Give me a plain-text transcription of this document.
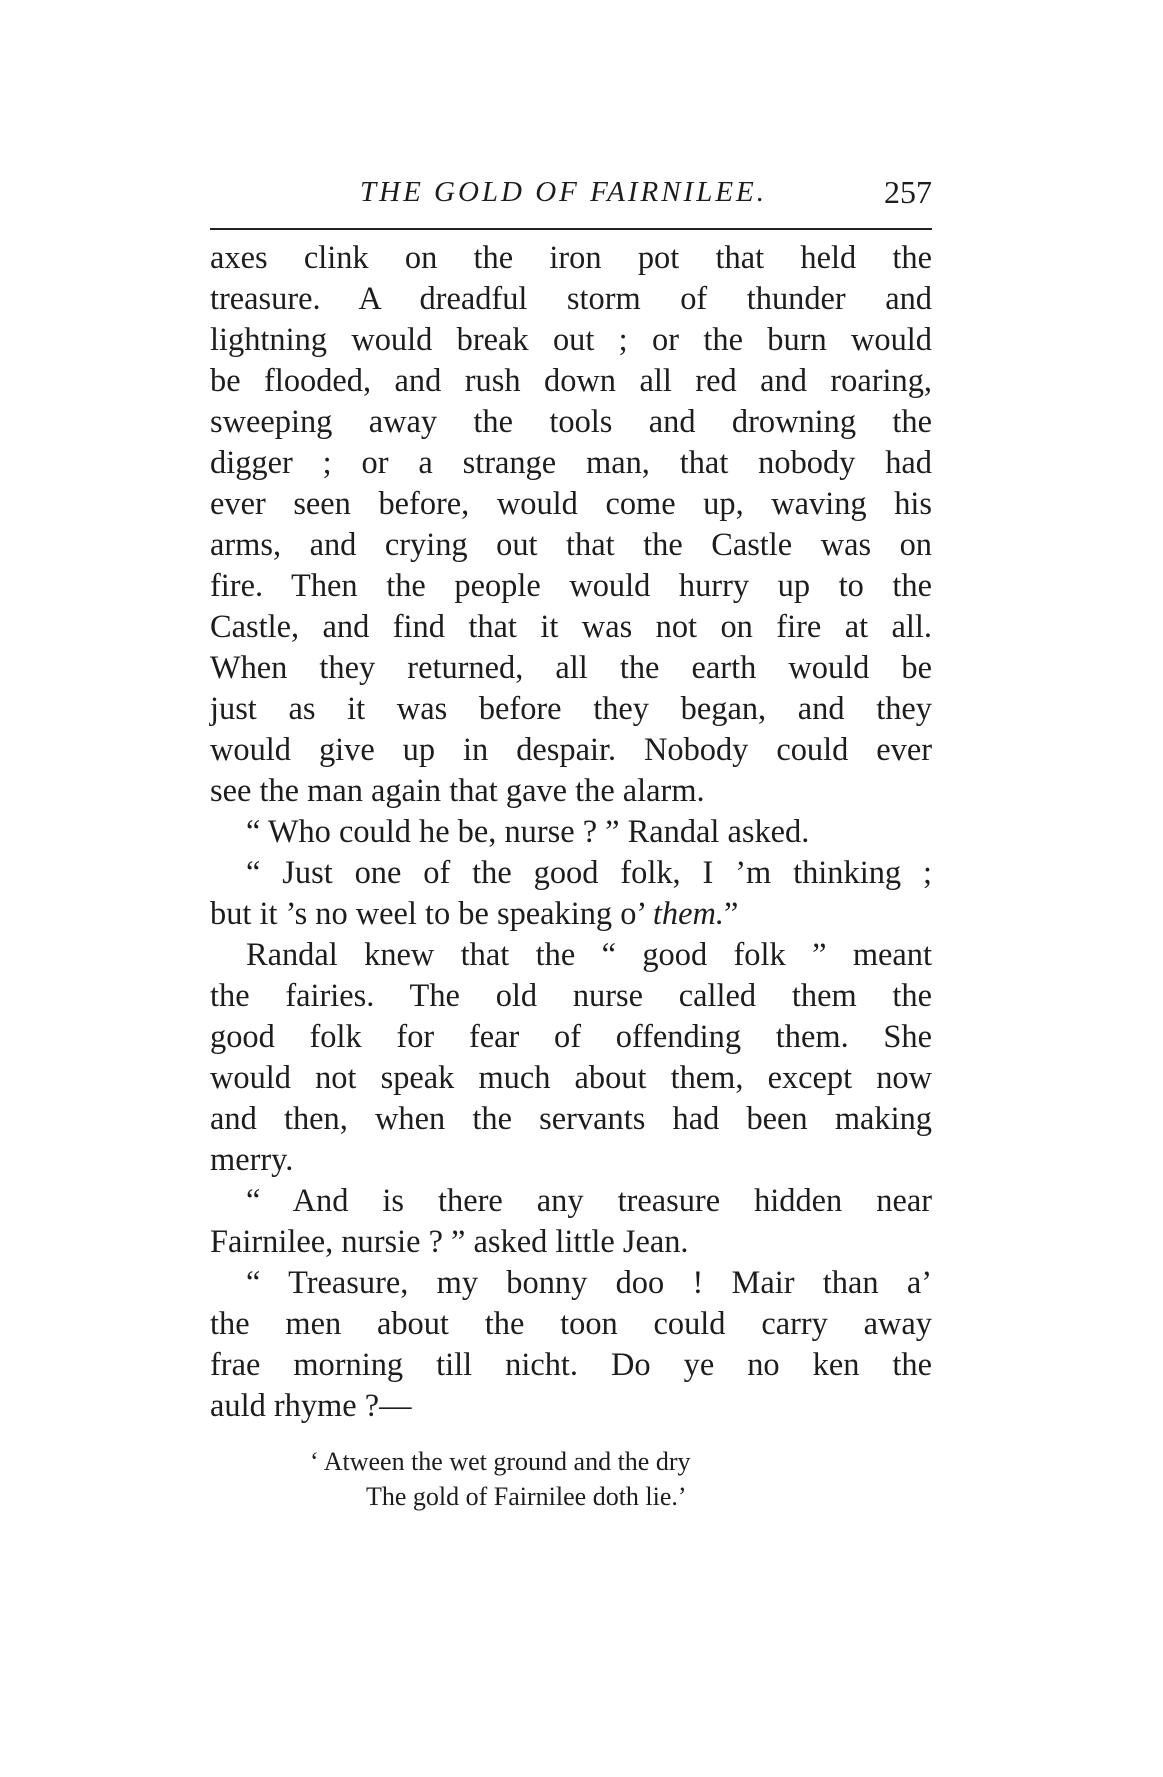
THE GOLD OF FAIRNILEE.	257
axes clink on the iron pot that held the
treasure. A dreadful storm of thunder and
lightning would break out ; or the burn would
be flooded, and rush down all red and roaring,
sweeping away the tools and drowning the
digger ; or a strange man, that nobody had
ever seen before, would come up, waving his
arms, and crying out that the Castle was on
fire. Then the people would hurry up to the
Castle, and find that it was not on fire at all.
When they returned, all the earth would be
just as it was before they began, and they
would give up in despair. Nobody could ever
see the man again that gave the alarm.
“ Who could he be, nurse ? ” Randal asked.
“ Just one of the good folk, I ’m thinking ;
but it ’s no weel to be speaking o’ them.”
Randal knew that the “ good folk ” meant
the fairies. The old nurse called them the
good folk for fear of offending them. She
would not speak much about them, except now
and then, when the servants had been making
merry.
“ And is there any treasure hidden near
Fairnilee, nursie ? ” asked little Jean.
“ Treasure, my bonny doo ! Mair than a’
the men about the toon could carry away
frae morning till nicht. Do ye no ken the
auld rhyme ?—
‘ Atween the wet ground and the dry
The gold of Fairnilee doth lie.’
